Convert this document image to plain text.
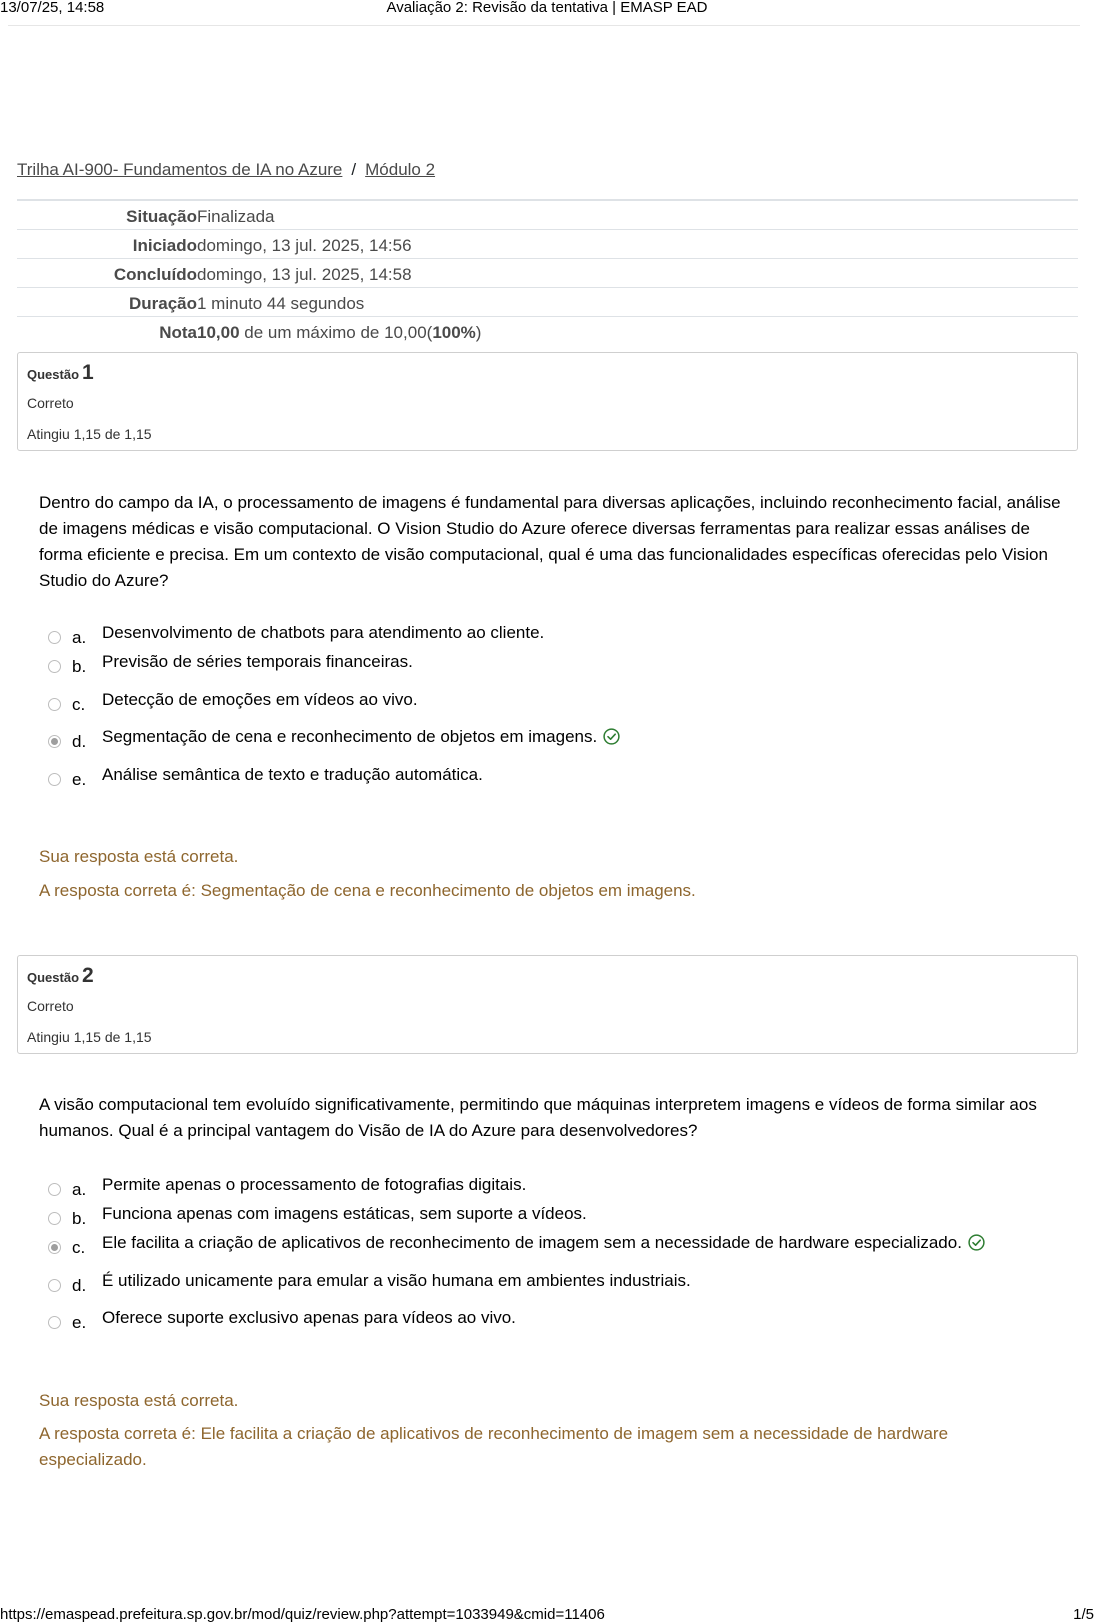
13/07/25, 14:58	Avaliação 2: Revisão da tentativa | EMASP EAD
Trilha AI-900- Fundamentos de IA no Azure / Módulo 2
Situação Finalizada
Iniciado domingo, 13 jul. 2025, 14:56
Concluído domingo, 13 jul. 2025, 14:58
Duração 1 minuto 44 segundos
Nota 10,00 de um máximo de 10,00(100%)
Questão 1
Correto
Atingiu 1,15 de 1,15
Dentro do campo da IA, o processamento de imagens é fundamental para diversas aplicações, incluindo reconhecimento facial, análise de imagens médicas e visão computacional. O Vision Studio do Azure oferece diversas ferramentas para realizar essas análises de forma eficiente e precisa. Em um contexto de visão computacional, qual é uma das funcionalidades específicas oferecidas pelo Vision Studio do Azure?
a. Desenvolvimento de chatbots para atendimento ao cliente.
b. Previsão de séries temporais financeiras.
c. Detecção de emoções em vídeos ao vivo.
d. Segmentação de cena e reconhecimento de objetos em imagens.
e. Análise semântica de texto e tradução automática.
Sua resposta está correta.
A resposta correta é: Segmentação de cena e reconhecimento de objetos em imagens.
Questão 2
Correto
Atingiu 1,15 de 1,15
A visão computacional tem evoluído significativamente, permitindo que máquinas interpretem imagens e vídeos de forma similar aos humanos. Qual é a principal vantagem do Visão de IA do Azure para desenvolvedores?
a. Permite apenas o processamento de fotografias digitais.
b. Funciona apenas com imagens estáticas, sem suporte a vídeos.
c. Ele facilita a criação de aplicativos de reconhecimento de imagem sem a necessidade de hardware especializado.
d. É utilizado unicamente para emular a visão humana em ambientes industriais.
e. Oferece suporte exclusivo apenas para vídeos ao vivo.
Sua resposta está correta.
A resposta correta é: Ele facilita a criação de aplicativos de reconhecimento de imagem sem a necessidade de hardware especializado.
https://emaspead.prefeitura.sp.gov.br/mod/quiz/review.php?attempt=1033949&cmid=11406	1/5
